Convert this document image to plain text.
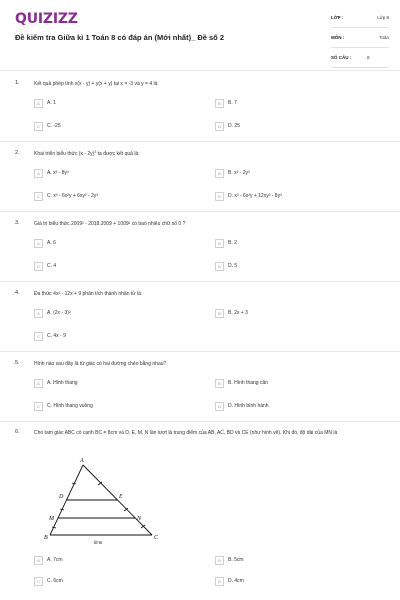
QUIZIZZ
Đề kiểm tra Giữa kì 1 Toán 8 có đáp án (Mới nhất)_ Đề số 2
LỚP :	Lớp 8
MÔN :	Toán
SỐ CÂU :	8
1.	Kết quả phép tính x(x - y) + y(x + y) tại x = -3 và y = 4 là:
A	A. 1	B	B. 7
C	C. -25	D	D. 25
2.	Khai triển biểu thức (x - 2y)$^3$ ta được kết quả là:
A	A. x³ - 8y³	B	B. x³ - 2y³
C	C. x³ - 6x²y + 6xy² - 2y³	D	D. x³ - 6x²y + 12xy² - 8y³
3.	Giá trị biểu thức 2009² - 2018.2009 + 1009² có bao nhiêu chữ số 0 ?
A	A. 6	B	B. 2
C	C. 4	D	D. 5
4.	Đa thức 4x² - 12x + 9 phân tích thành nhân tử là:
A	A. (2x - 3)²	B	B. 2x + 3
C	C. 4x - 9
5.	Hình nào sau đây là tứ giác có hai đường chéo bằng nhau?
A	A. Hình thang	B	B. Hình thang cân
C	C. Hình thang vuông	D	D. Hình bình hành
6.	Cho tam giác ABC có cạnh BC = 8cm và D, E, M, N lần lượt là trung điểm của AB, AC, BD và CE (như hình vẽ). Khi đó, độ dài của MN là
A
B	C
D	E
M	N
8cm
A	A. 7cm	B	B. 5cm
C	C. 6cm	D	D. 4cm
